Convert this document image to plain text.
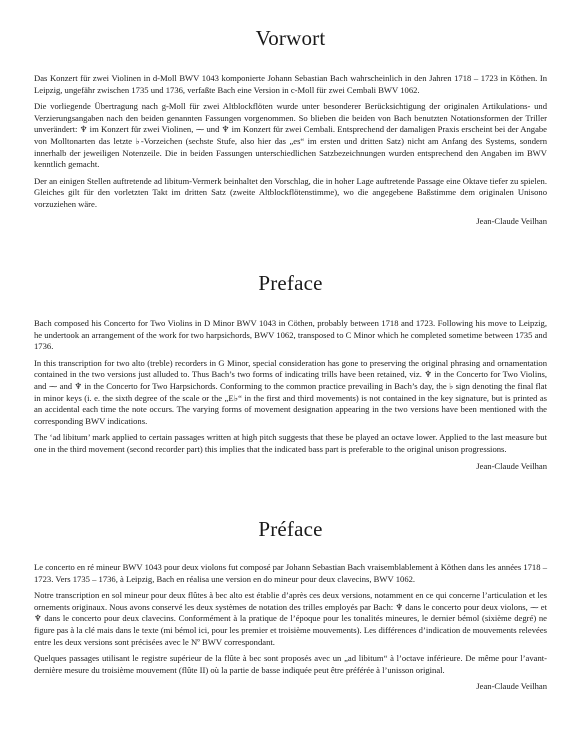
Vorwort

Das Konzert für zwei Violinen in d-Moll BWV 1043 komponierte Johann Sebastian Bach wahrscheinlich in den Jahren 1718 – 1723 in Köthen. In Leipzig, ungefähr zwischen 1735 und 1736, verfaßte Bach eine Version in c-Moll für zwei Cembali BWV 1062.

Die vorliegende Übertragung nach g-Moll für zwei Altblockflöten wurde unter besonderer Berücksichtigung der originalen Artikulations- und Verzierungsangaben nach den beiden genannten Fassungen vorgenommen. So blieben die beiden von Bach benutzten Notationsformen der Triller unverändert: ♆ im Konzert für zwei Violinen, ⁓ und ♆ im Konzert für zwei Cembali. Entsprechend der damaligen Praxis erscheint bei der Angabe von Molltonarten das letzte ♭-Vorzeichen (sechste Stufe, also hier das „es“ im ersten und dritten Satz) nicht am Anfang des Systems, sondern innerhalb der jeweiligen Notenzeile. Die in beiden Fassungen unterschiedlichen Satzbezeichnungen wurden entsprechend den Angaben im BWV kenntlich gemacht.

Der an einigen Stellen auftretende ad libitum-Vermerk beinhaltet den Vorschlag, die in hoher Lage auftretende Passage eine Oktave tiefer zu spielen. Gleiches gilt für den vorletzten Takt im dritten Satz (zweite Altblockflötenstimme), wo die angegebene Baßstimme dem originalen Unisono vorzuziehen wäre.

Jean-Claude Veilhan
Preface

Bach composed his Concerto for Two Violins in D Minor BWV 1043 in Cöthen, probably between 1718 and 1723. Following his move to Leipzig, he undertook an arrangement of the work for two harpsichords, BWV 1062, transposed to C Minor which he completed sometime between 1735 and 1736.

In this transcription for two alto (treble) recorders in G Minor, special consideration has gone to preserving the original phrasing and ornamentation contained in the two versions just alluded to. Thus Bach’s two forms of indicating trills have been retained, viz. ♆ in the Concerto for Two Violins, and ⁓ and ♆ in the Concerto for Two Harpsichords. Conforming to the common practice prevailing in Bach’s day, the ♭ sign denoting the final flat in minor keys (i. e. the sixth degree of the scale or the „E♭“ in the first and third movements) is not contained in the key signature, but is printed as an accidental each time the note occurs. The varying forms of movement designation appearing in the two versions have been mentioned with the corresponding BWV indications.

The ‘ad libitum’ mark applied to certain passages written at high pitch suggests that these be played an octave lower. Applied to the last measure but one in the third movement (second recorder part) this implies that the indicated bass part is preferable to the original unison progressions.

Jean-Claude Veilhan
Préface

Le concerto en ré mineur BWV 1043 pour deux violons fut composé par Johann Sebastian Bach vraisemblablement à Köthen dans les années 1718 – 1723. Vers 1735 – 1736, à Leipzig, Bach en réalisa une version en do mineur pour deux clavecins, BWV 1062.

Notre transcription en sol mineur pour deux flûtes à bec alto est établie d’après ces deux versions, notamment en ce qui concerne l’articulation et les ornements originaux. Nous avons conservé les deux systèmes de notation des trilles employés par Bach: ♆ dans le concerto pour deux violons, ⁓ et ♆ dans le concerto pour deux clavecins. Conformément à la pratique de l’époque pour les tonalités mineures, le dernier bémol (sixième degré) ne figure pas à la clé mais dans le texte (mi bémol ici, pour les premier et troisième mouvements). Les différences d’indication de mouvements relevées entre les deux versions sont précisées avec le Nº BWV correspondant.

Quelques passages utilisant le registre supérieur de la flûte à bec sont proposés avec un „ad libitum“ à l’octave inférieure. De même pour l’avant-dernière mesure du troisième mouvement (flûte II) où la partie de basse indiquée peut être préférée à l’unisson original.

Jean-Claude Veilhan
